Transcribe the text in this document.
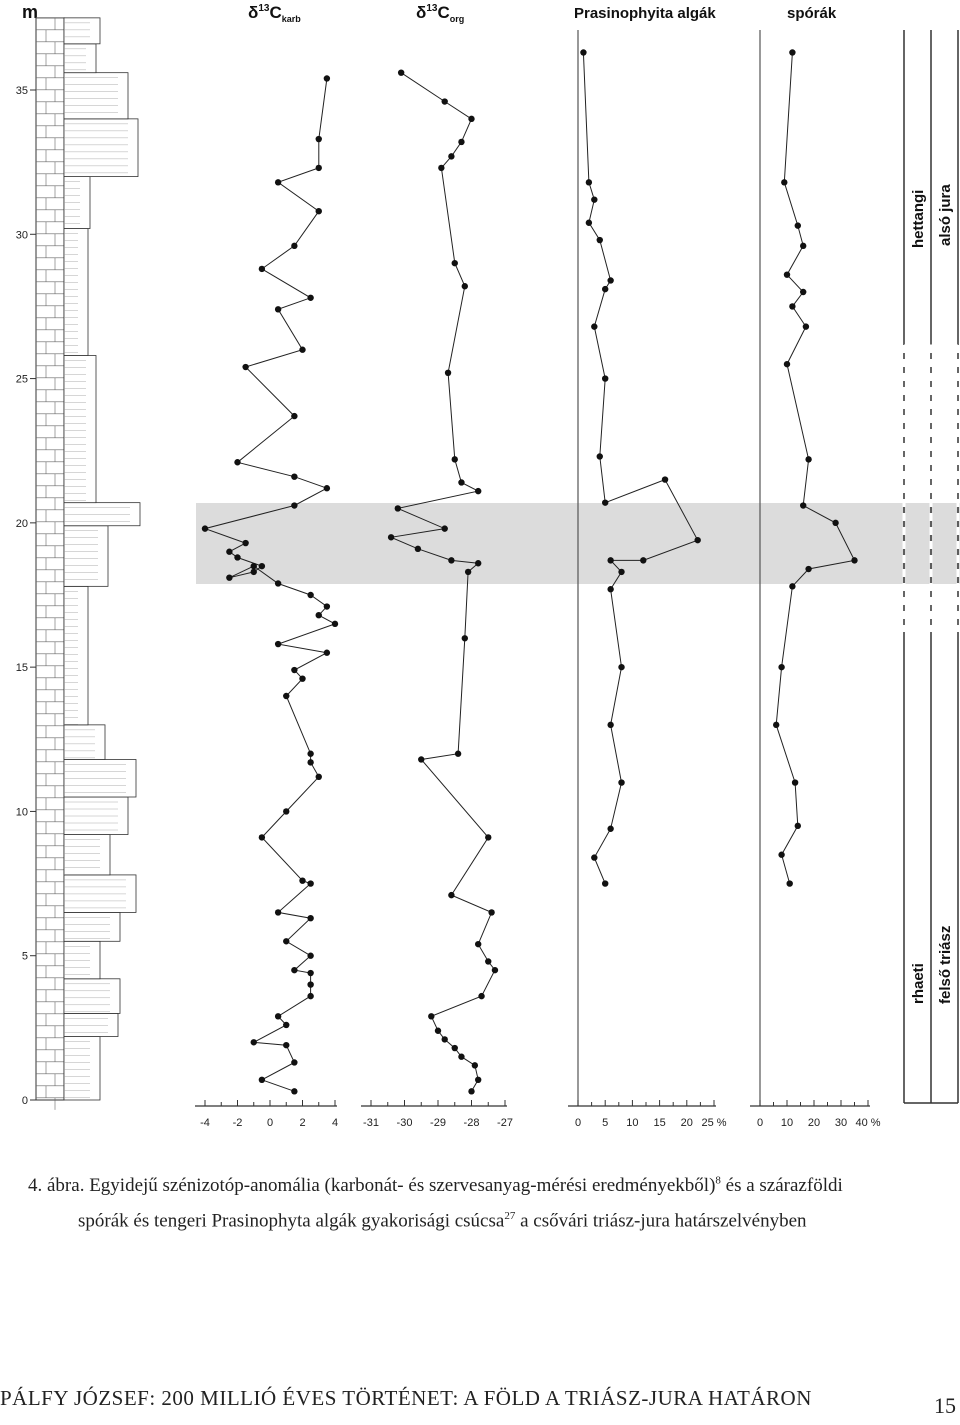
m	$\delta^{13}C_{karb}$	$\delta^{13}C_{org}$	Prasinophyita algák	spórák
0
5
10
15
20
25
30
35
-4 -2 0 2 4 -31 -30 -29 -28 -27	0 5 10 15 20 25 %	0 10 20 30 40 %
hettangi alsó jura
rhaeti felső triász
4. ábra. Egyidejű szénizotóp-anomália (karbonát- és szervesanyag-mérési eredményekből)$^8$ és a szárazföldi
spórák és tengeri Prasinophyta algák gyakorisági csúcsa$^{27}$ a csővári triász-jura határszelvényben
PÁLFY JÓZSEF: 200 MILLIÓ ÉVES TÖRTÉNET: A FÖLD A TRIÁSZ-JURA HATÁRON	15
